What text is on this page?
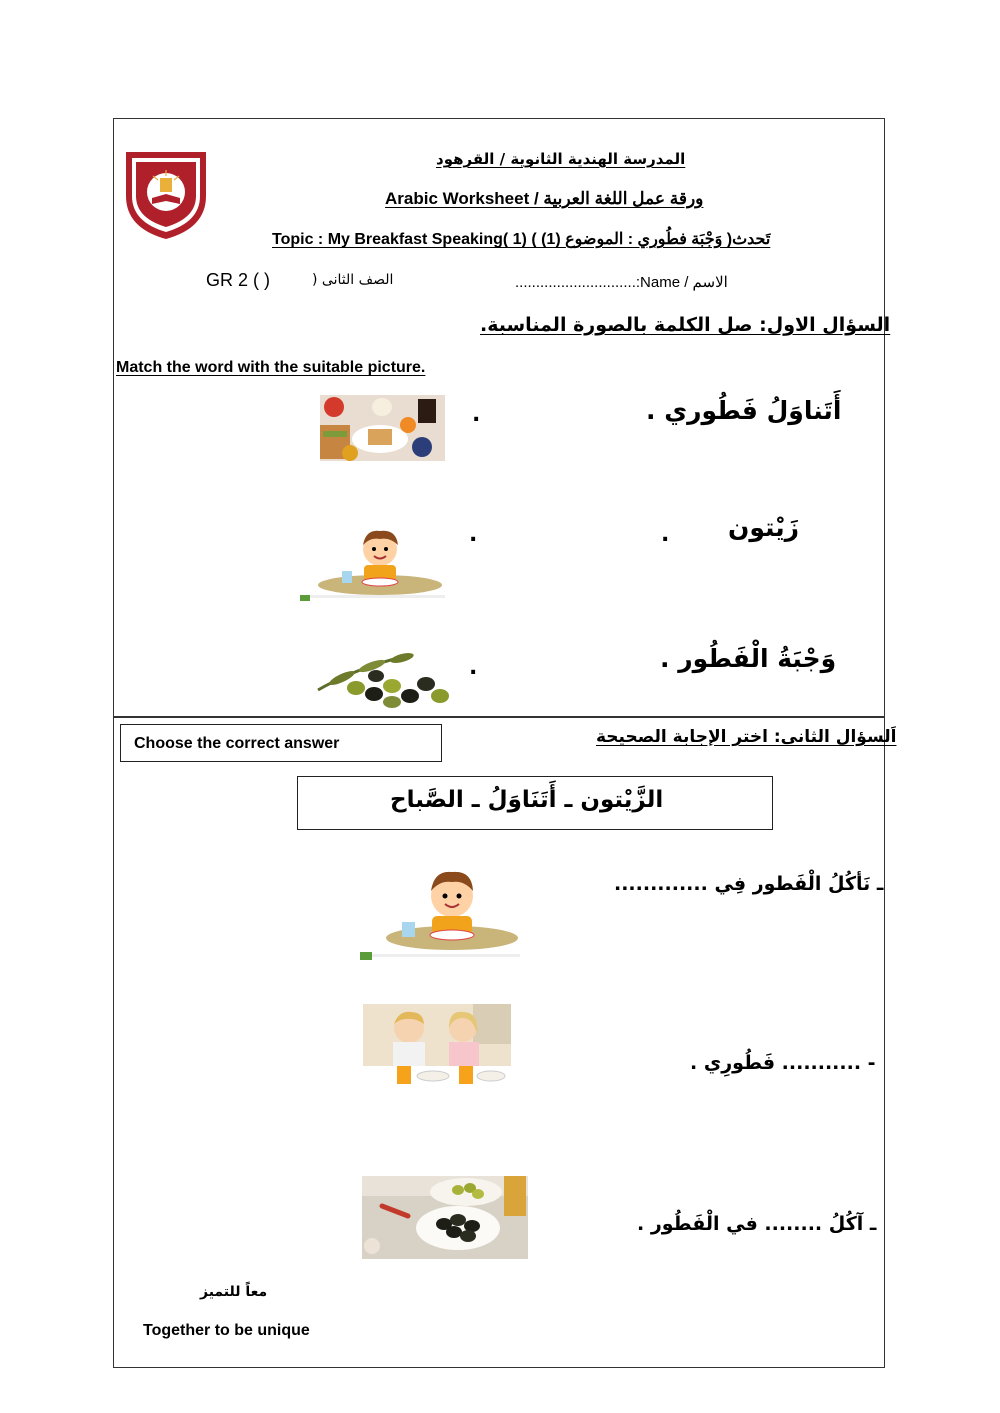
المدرسة الهندية الثانوية / القرهود
Arabic Worksheet / ورقة عمل اللغة العربية
Topic : My Breakfast Speaking( 1) ( (1) تَحدث( وَجْبَة فطُوري : الموضوع
.............................:Name / الاسم
الصف الثانى (
GR 2 ( )
السؤال الاول: صل الكلمة بالصورة المناسبة.
Match the word with the suitable picture.
.	أَتَناوَلُ فَطُوري .
.	. زَيْتون
.	وَجْبَةُ الْفَطُور .
Choose the correct answer	اَلسؤال الثانى: اختر الإجابة الصحيحة
الزَّيْتون ـ أَتَنَاوَلُ ـ الصَّباح
ـ نَأكُلُ الْفَطور فِي .............
- ........... فَطُورِي .
ـ آكُلُ ........ في الْفَطُور .
معاً للتميز
Together to be unique
